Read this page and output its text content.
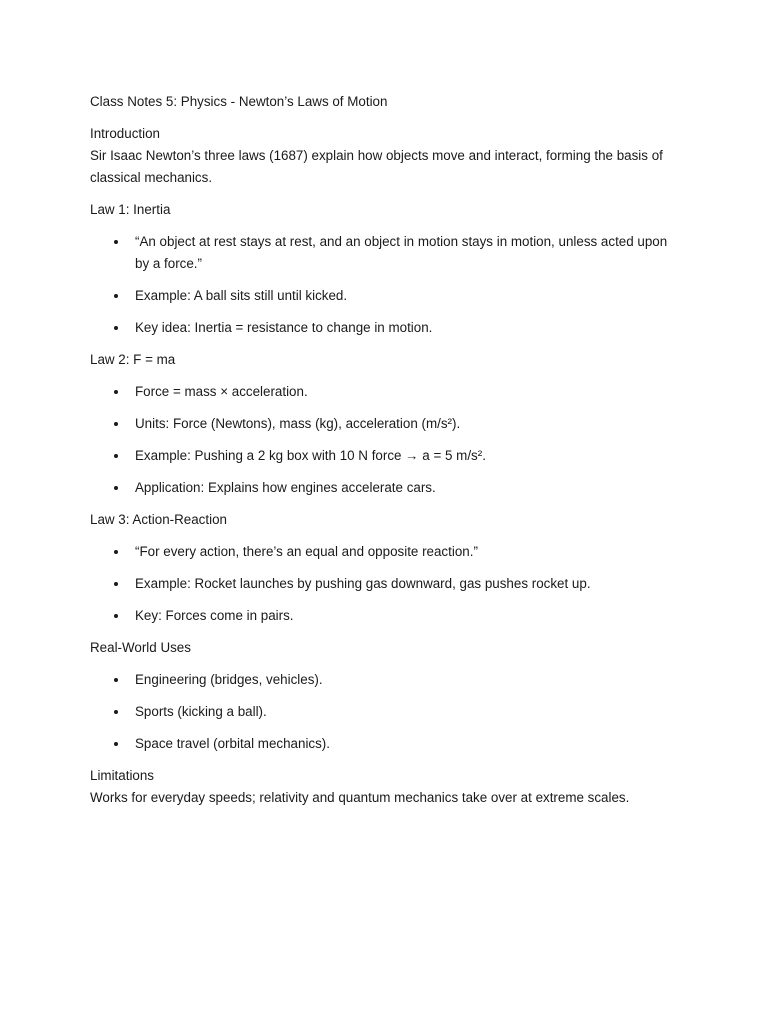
Class Notes 5: Physics - Newton’s Laws of Motion

Introduction

Sir Isaac Newton’s three laws (1687) explain how objects move and interact, forming the basis of classical mechanics.

Law 1: Inertia

“An object at rest stays at rest, and an object in motion stays in motion, unless acted upon by a force.”
Example: A ball sits still until kicked.
Key idea: Inertia = resistance to change in motion.

Law 2: F = ma

Force = mass × acceleration.
Units: Force (Newtons), mass (kg), acceleration (m/s²).
Example: Pushing a 2 kg box with 10 N force → a = 5 m/s².
Application: Explains how engines accelerate cars.

Law 3: Action-Reaction

“For every action, there’s an equal and opposite reaction.”
Example: Rocket launches by pushing gas downward, gas pushes rocket up.
Key: Forces come in pairs.

Real-World Uses

Engineering (bridges, vehicles).
Sports (kicking a ball).
Space travel (orbital mechanics).

Limitations

Works for everyday speeds; relativity and quantum mechanics take over at extreme scales.
